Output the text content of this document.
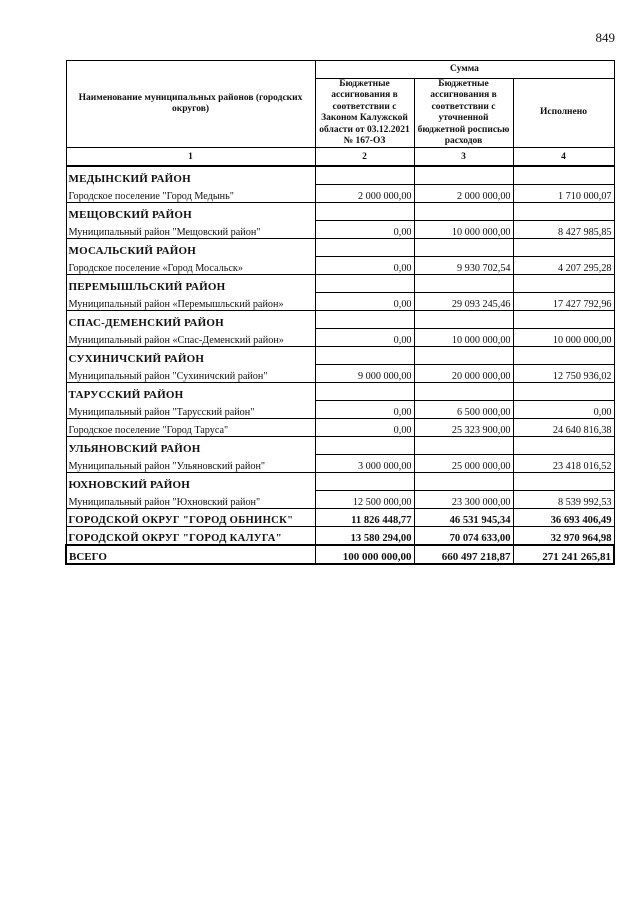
849
Наименование муниципальных районов (городских округов)	Сумма		
	Бюджетные ассигнования в соответствии с Законом Калужской области от 03.12.2021 № 167-ОЗ	Бюджетные ассигнования в соответствии с уточненной бюджетной росписью расходов	Исполнено
1	2	3	4
МЕДЫНСКИЙ РАЙОН			
Городское поселение "Город Медынь"	2 000 000,00	2 000 000,00	1 710 000,07
МЕЩОВСКИЙ РАЙОН			
Муниципальный район "Мещовский район"	0,00	10 000 000,00	8 427 985,85
МОСАЛЬСКИЙ РАЙОН			
Городское поселение «Город Мосальск»	0,00	9 930 702,54	4 207 295,28
ПЕРЕМЫШЛЬСКИЙ РАЙОН			
Муниципальный район «Перемышльский район»	0,00	29 093 245,46	17 427 792,96
СПАС-ДЕМЕНСКИЙ РАЙОН			
Муниципальный район «Спас-Деменский район»	0,00	10 000 000,00	10 000 000,00
СУХИНИЧСКИЙ РАЙОН			
Муниципальный район "Сухиничский район"	9 000 000,00	20 000 000,00	12 750 936,02
ТАРУССКИЙ РАЙОН			
Муниципальный район "Тарусский район"	0,00	6 500 000,00	0,00
Городское поселение "Город Таруса"	0,00	25 323 900,00	24 640 816,38
УЛЬЯНОВСКИЙ РАЙОН			
Муниципальный район "Ульяновский район"	3 000 000,00	25 000 000,00	23 418 016,52
ЮХНОВСКИЙ РАЙОН			
Муниципальный район "Юхновский район"	12 500 000,00	23 300 000,00	8 539 992,53
ГОРОДСКОЙ ОКРУГ "ГОРОД ОБНИНСК"	11 826 448,77	46 531 945,34	36 693 406,49
ГОРОДСКОЙ ОКРУГ "ГОРОД КАЛУГА"	13 580 294,00	70 074 633,00	32 970 964,98
ВСЕГО	100 000 000,00	660 497 218,87	271 241 265,81
